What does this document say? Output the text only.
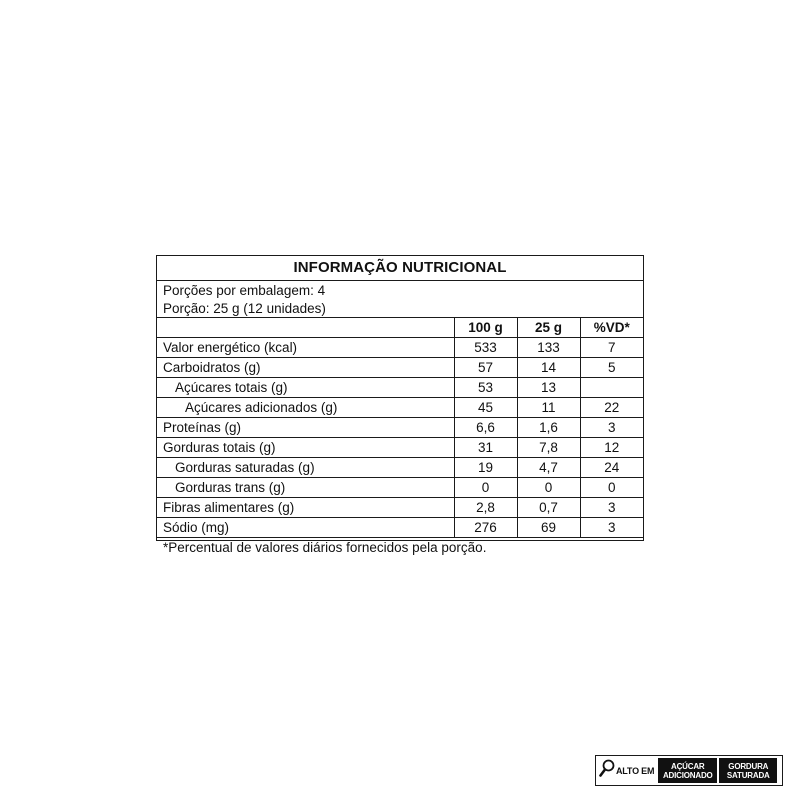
INFORMAÇÃO NUTRICIONAL
Porções por embalagem: 4
Porção: 25 g (12 unidades)
	100 g	25 g	%VD*
Valor energético (kcal)	533	133	7
Carboidratos (g)	57	14	5
Açúcares totais (g)	53	13	
Açúcares adicionados (g)	45	11	22
Proteínas (g)	6,6	1,6	3
Gorduras totais (g)	31	7,8	12
Gorduras saturadas (g)	19	4,7	24
Gorduras trans (g)	0	0	0
Fibras alimentares (g)	2,8	0,7	3
Sódio (mg)	276	69	3
*Percentual de valores diários fornecidos pela porção.
ALTO EM AÇÚCAR
ADICIONADO
GORDURA
SATURADA
